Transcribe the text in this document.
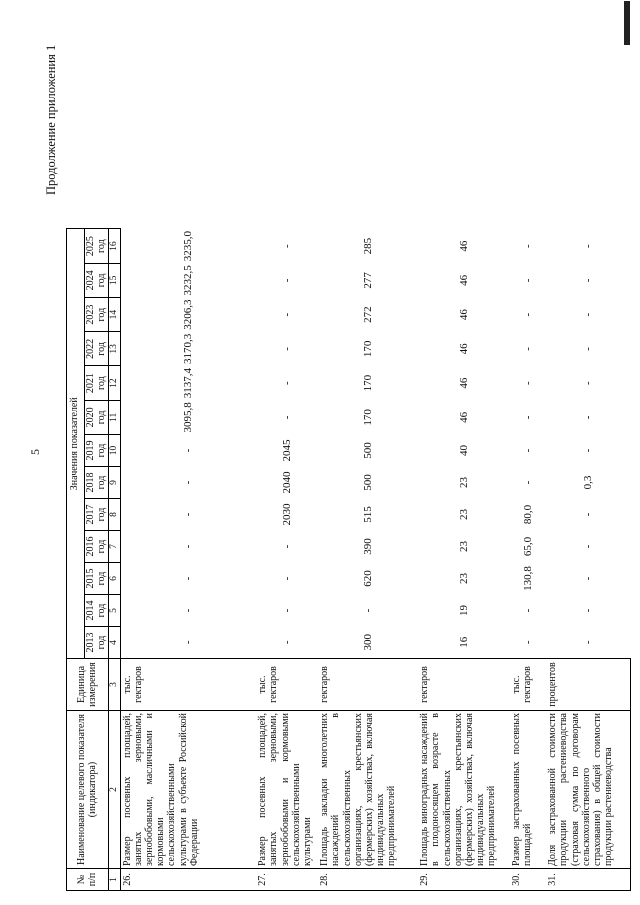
5
Продолжение приложения 1
№ п/п	Наименование целевого показателя (индикатора)	Единица измерения	Значения показателей												
			2013 год	2014 год	2015 год	2016 год	2017 год	2018 год	2019 год	2020 год	2021 год	2022 год	2023 год	2024 год	2025 год
1	2	3	4	5	6	7	8	9	10	11	12	13	14	15	16
26.	Размер посевных площадей, занятых зерновыми, зернобобовыми, масличными и кормовыми сельскохозяйственными культурами в субъекте Российской Федерации	тыс. гектаров	-	-	-	-	-	-	-	3095,8	3137,4	3170,3	3206,3	3232,5	3235,0
27.	Размер посевных площадей, занятых зерновыми, зернобобовыми и кормовыми сельскохозяйственными культурами	тыс. гектаров	-	-	-	-	2030	2040	2045	-	-	-	-	-	-
28.	Площадь закладки многолетних насаждений в сельскохозяйственных организациях, крестьянских (фермерских) хозяйствах, включая индивидуальных предпринимателей	гектаров	300	-	620	390	515	500	500	170	170	170	272	277	285
29.	Площадь виноградных насаждений в плодоносящем возрасте в сельскохозяйственных организациях, крестьянских (фермерских) хозяйствах, включая индивидуальных предпринимателей	гектаров	16	19	23	23	23	23	40	46	46	46	46	46	46
30.	Размер застрахованных посевных площадей	тыс. гектаров	-	-	130,8	65,0	80,0	-	-	-	-	-	-	-	-
31.	Доля застрахованной стоимости продукции растениеводства (страховая сумма по договорам сельскохозяйственного страхования) в общей стоимости продукции растениеводства	процентов	-	-	-	-	-	0,3	-	-	-	-	-	-	-
